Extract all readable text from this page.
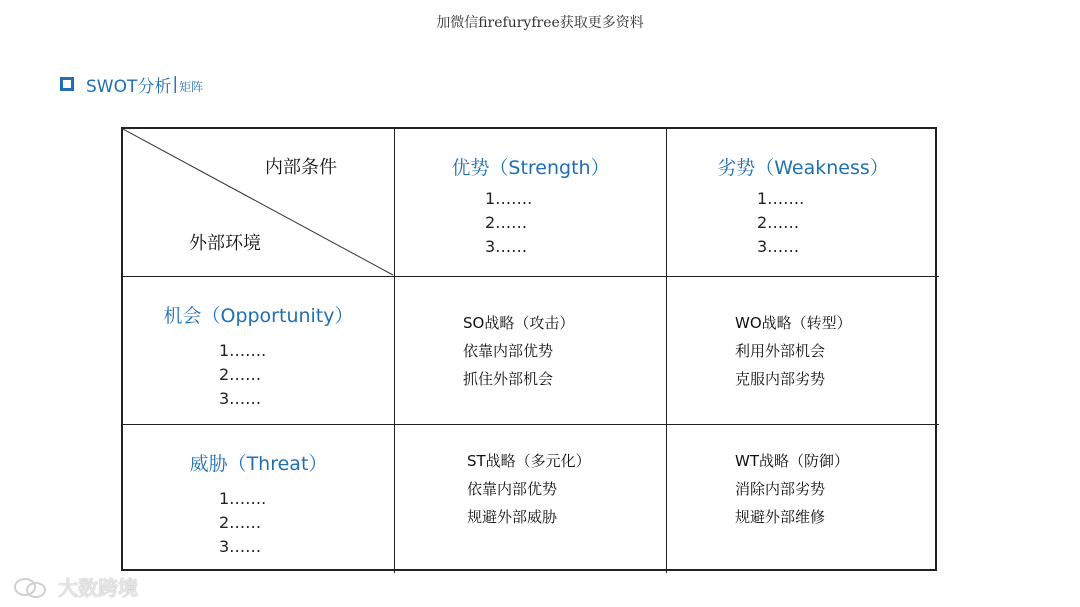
加微信firefuryfree获取更多资料
SWOT分析 | 矩阵
内部条件
外部环境
优势（Strength）
1…….
2……
3……
劣势（Weakness）
1…….
2……
3……
机会（Opportunity）
1…….
2……
3……
SO战略（攻击）
依靠内部优势
抓住外部机会
WO战略（转型）
利用外部机会
克服内部劣势
威胁（Threat）
1…….
2……
3……
ST战略（多元化）
依靠内部优势
规避外部威胁
WT战略（防御）
消除内部劣势
规避外部维修
大数跨境
